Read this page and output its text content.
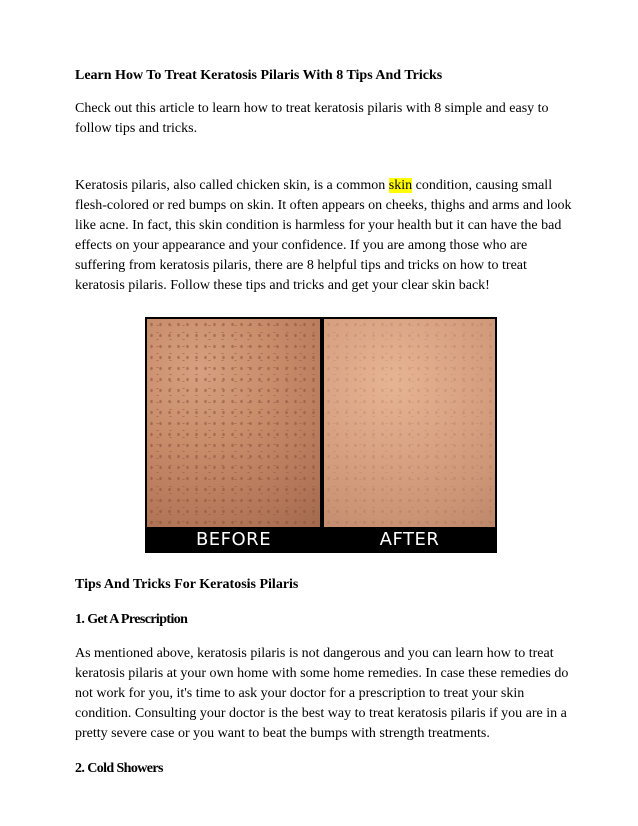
Learn How To Treat Keratosis Pilaris With 8 Tips And Tricks

Check out this article to learn how to treat keratosis pilaris with 8 simple and easy to follow tips and tricks.

Keratosis pilaris, also called chicken skin, is a common skin condition, causing small flesh-colored or red bumps on skin. It often appears on cheeks, thighs and arms and look like acne. In fact, this skin condition is harmless for your health but it can have the bad effects on your appearance and your confidence. If you are among those who are suffering from keratosis pilaris, there are 8 helpful tips and tricks on how to treat keratosis pilaris. Follow these tips and tricks and get your clear skin back!

BEFORE	AFTER
Tips And Tricks For Keratosis Pilaris
1. Get A Prescription

As mentioned above, keratosis pilaris is not dangerous and you can learn how to treat keratosis pilaris at your own home with some home remedies. In case these remedies do not work for you, it's time to ask your doctor for a prescription to treat your skin condition. Consulting your doctor is the best way to treat keratosis pilaris if you are in a pretty severe case or you want to beat the bumps with strength treatments.

2. Cold Showers
